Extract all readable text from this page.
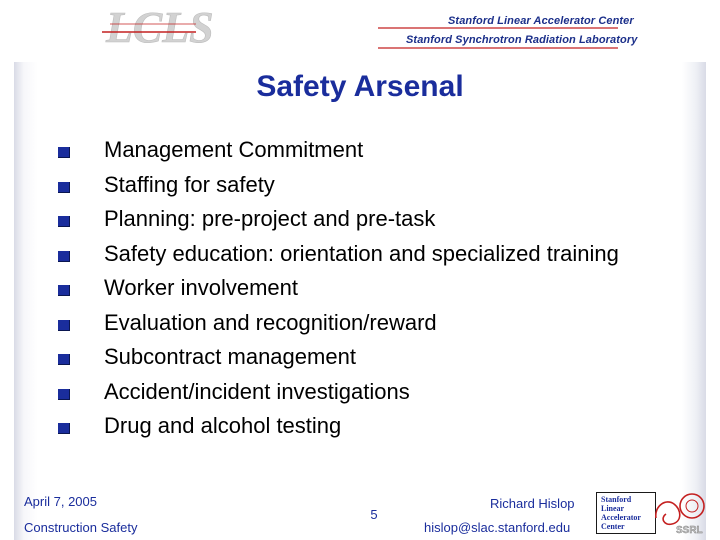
LCLS	Stanford Linear Accelerator Center
Stanford Synchrotron Radiation Laboratory
Safety Arsenal
Management Commitment
Staffing for safety
Planning: pre-project and pre-task
Safety education: orientation and specialized training
Worker involvement
Evaluation and recognition/reward
Subcontract management
Accident/incident investigations
Drug and alcohol testing
April 7, 2005
Construction Safety
5
Richard Hislop
hislop@slac.stanford.edu
Stanford
Linear
Accelerator
Center	SSRL
